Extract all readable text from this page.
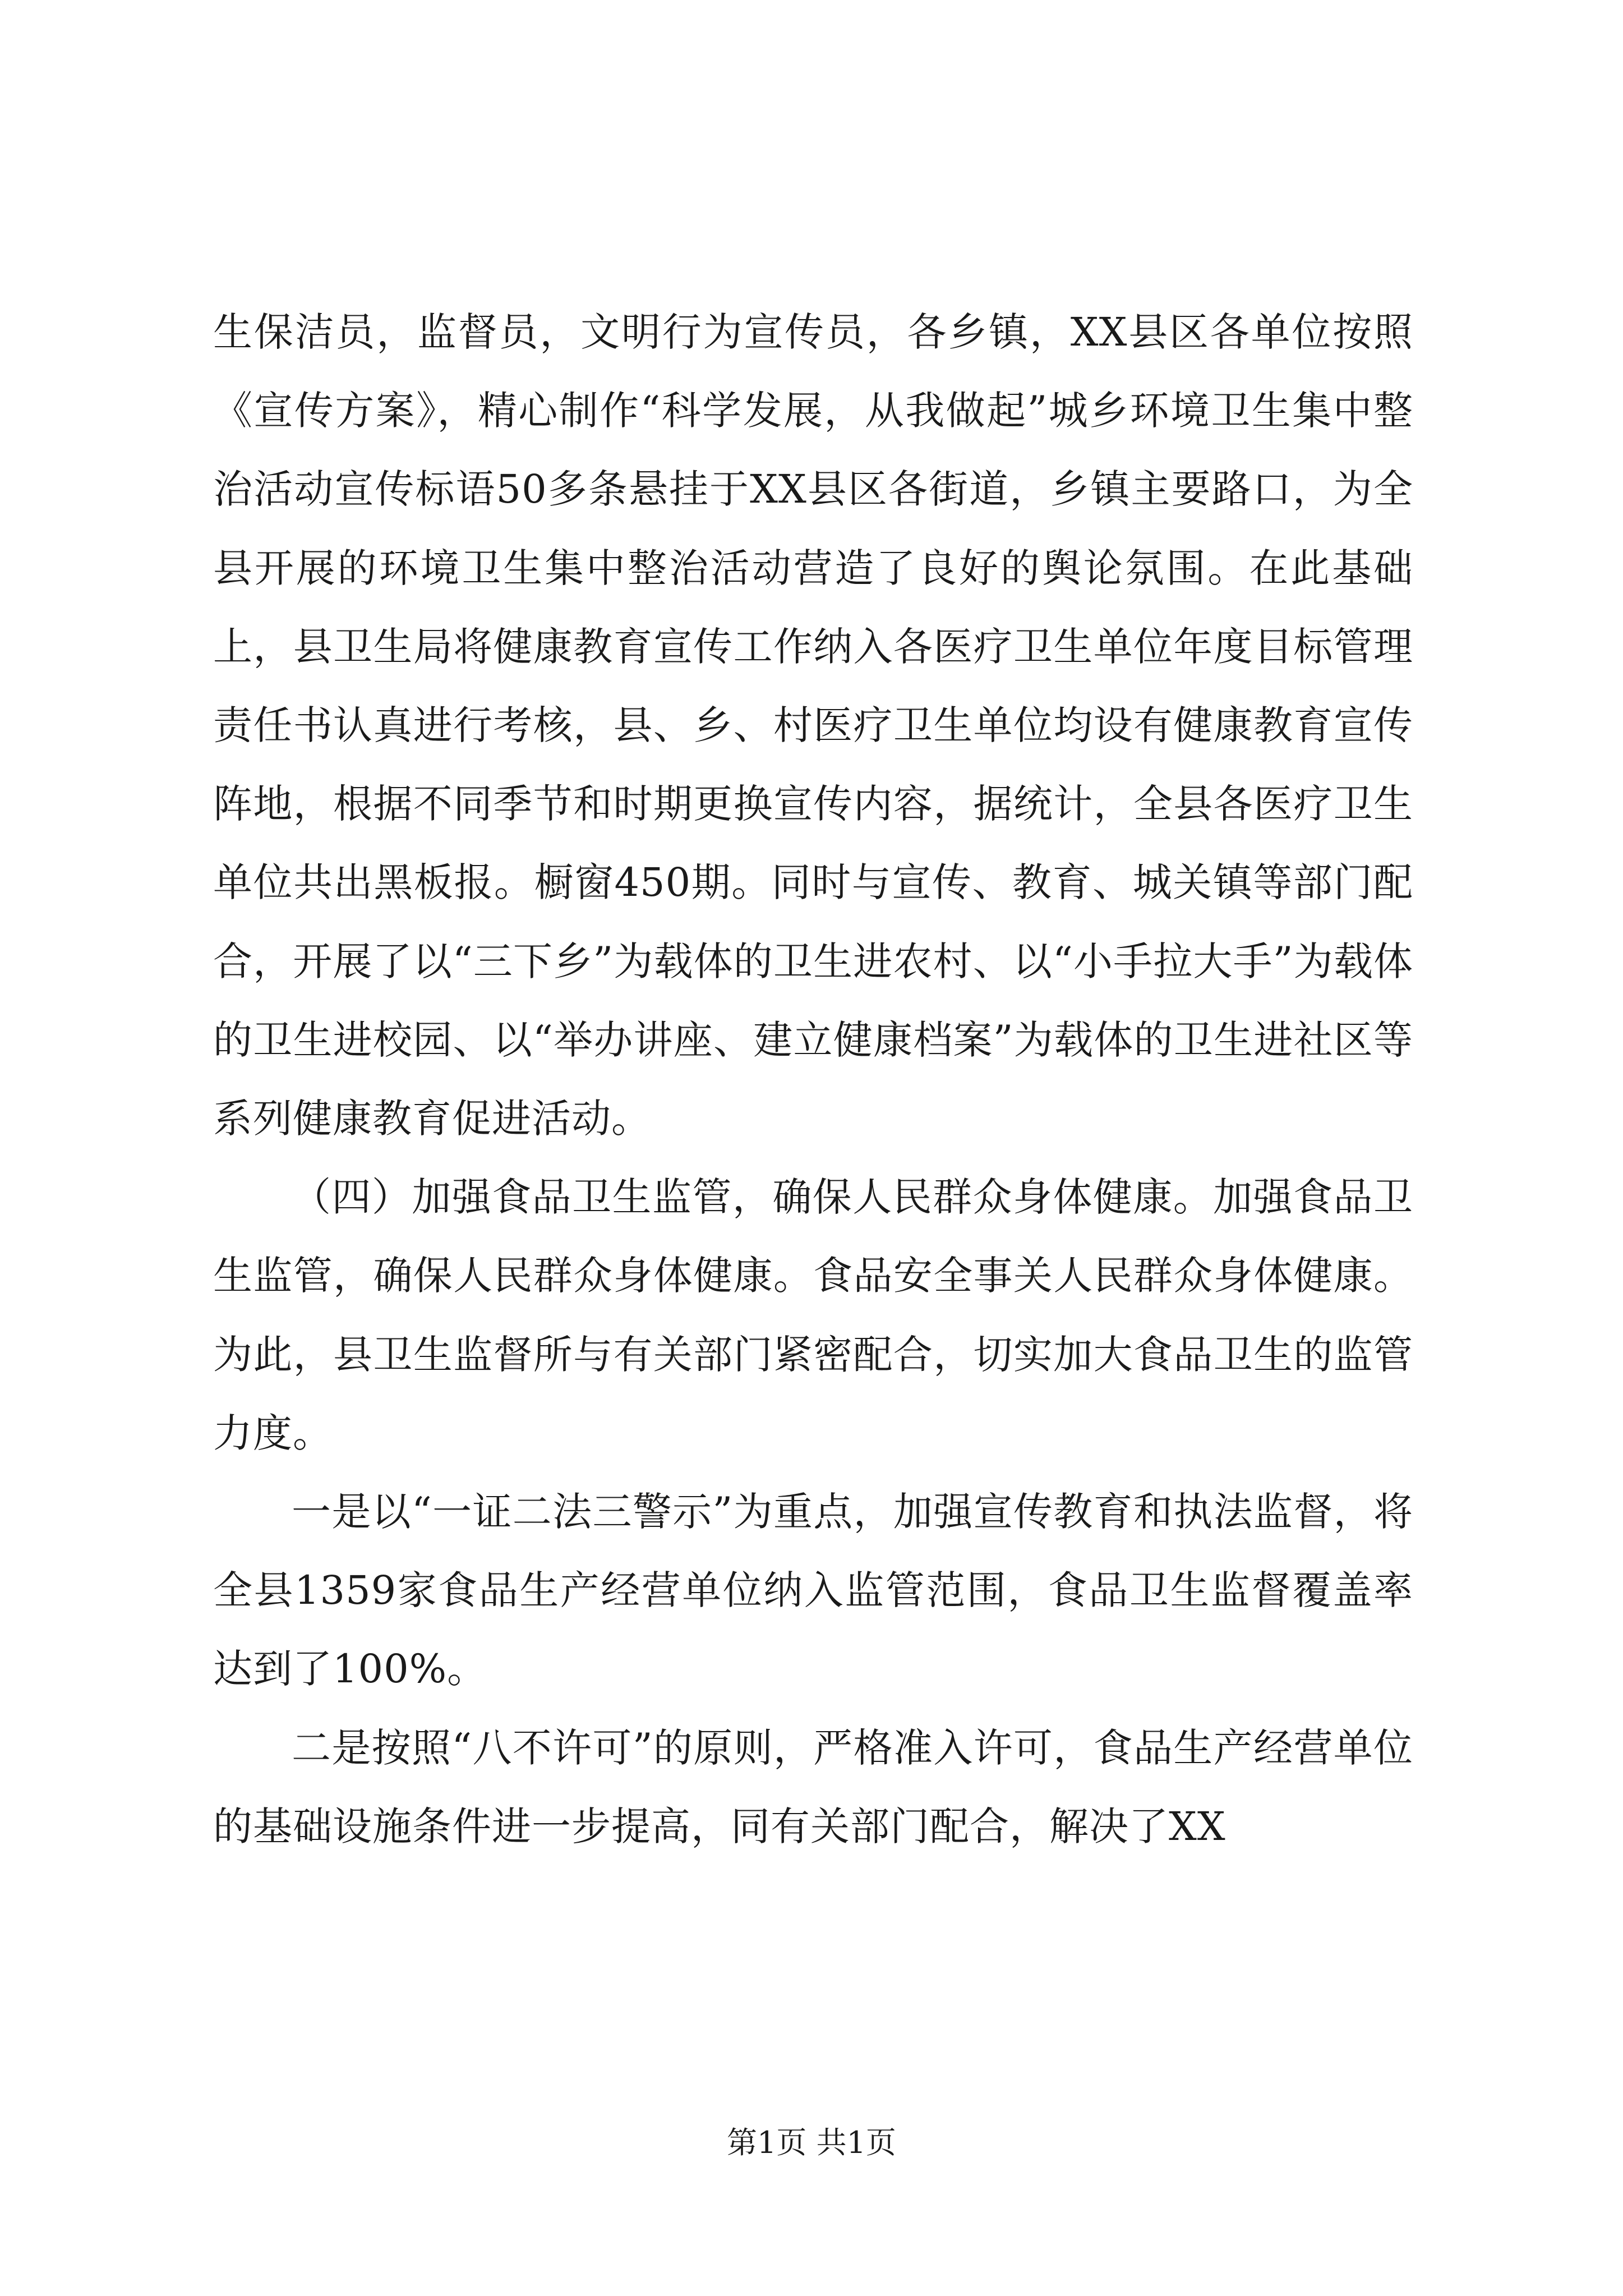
生保洁员，监督员，文明行为宣传员，各乡镇，XX县区各单位按照《宣传方案》，精心制作“科学发展，从我做起”城乡环境卫生集中整治活动宣传标语50多条悬挂于XX县区各街道，乡镇主要路口，为全县开展的环境卫生集中整治活动营造了良好的舆论氛围。在此基础上，县卫生局将健康教育宣传工作纳入各医疗卫生单位年度目标管理责任书认真进行考核，县、乡、村医疗卫生单位均设有健康教育宣传阵地，根据不同季节和时期更换宣传内容，据统计，全县各医疗卫生单位共出黑板报。橱窗450期。同时与宣传、教育、城关镇等部门配合，开展了以“三下乡”为载体的卫生进农村、以“小手拉大手”为载体的卫生进校园、以“举办讲座、建立健康档案”为载体的卫生进社区等系列健康教育促进活动。

（四）加强食品卫生监管，确保人民群众身体健康。加强食品卫生监管，确保人民群众身体健康。食品安全事关人民群众身体健康。为此，县卫生监督所与有关部门紧密配合，切实加大食品卫生的监管力度。

一是以“一证二法三警示”为重点，加强宣传教育和执法监督，将全县1359家食品生产经营单位纳入监管范围，食品卫生监督覆盖率达到了100%。

二是按照“八不许可”的原则，严格准入许可，食品生产经营单位的基础设施条件进一步提高，同有关部门配合，解决了XX

第1页 共1页
